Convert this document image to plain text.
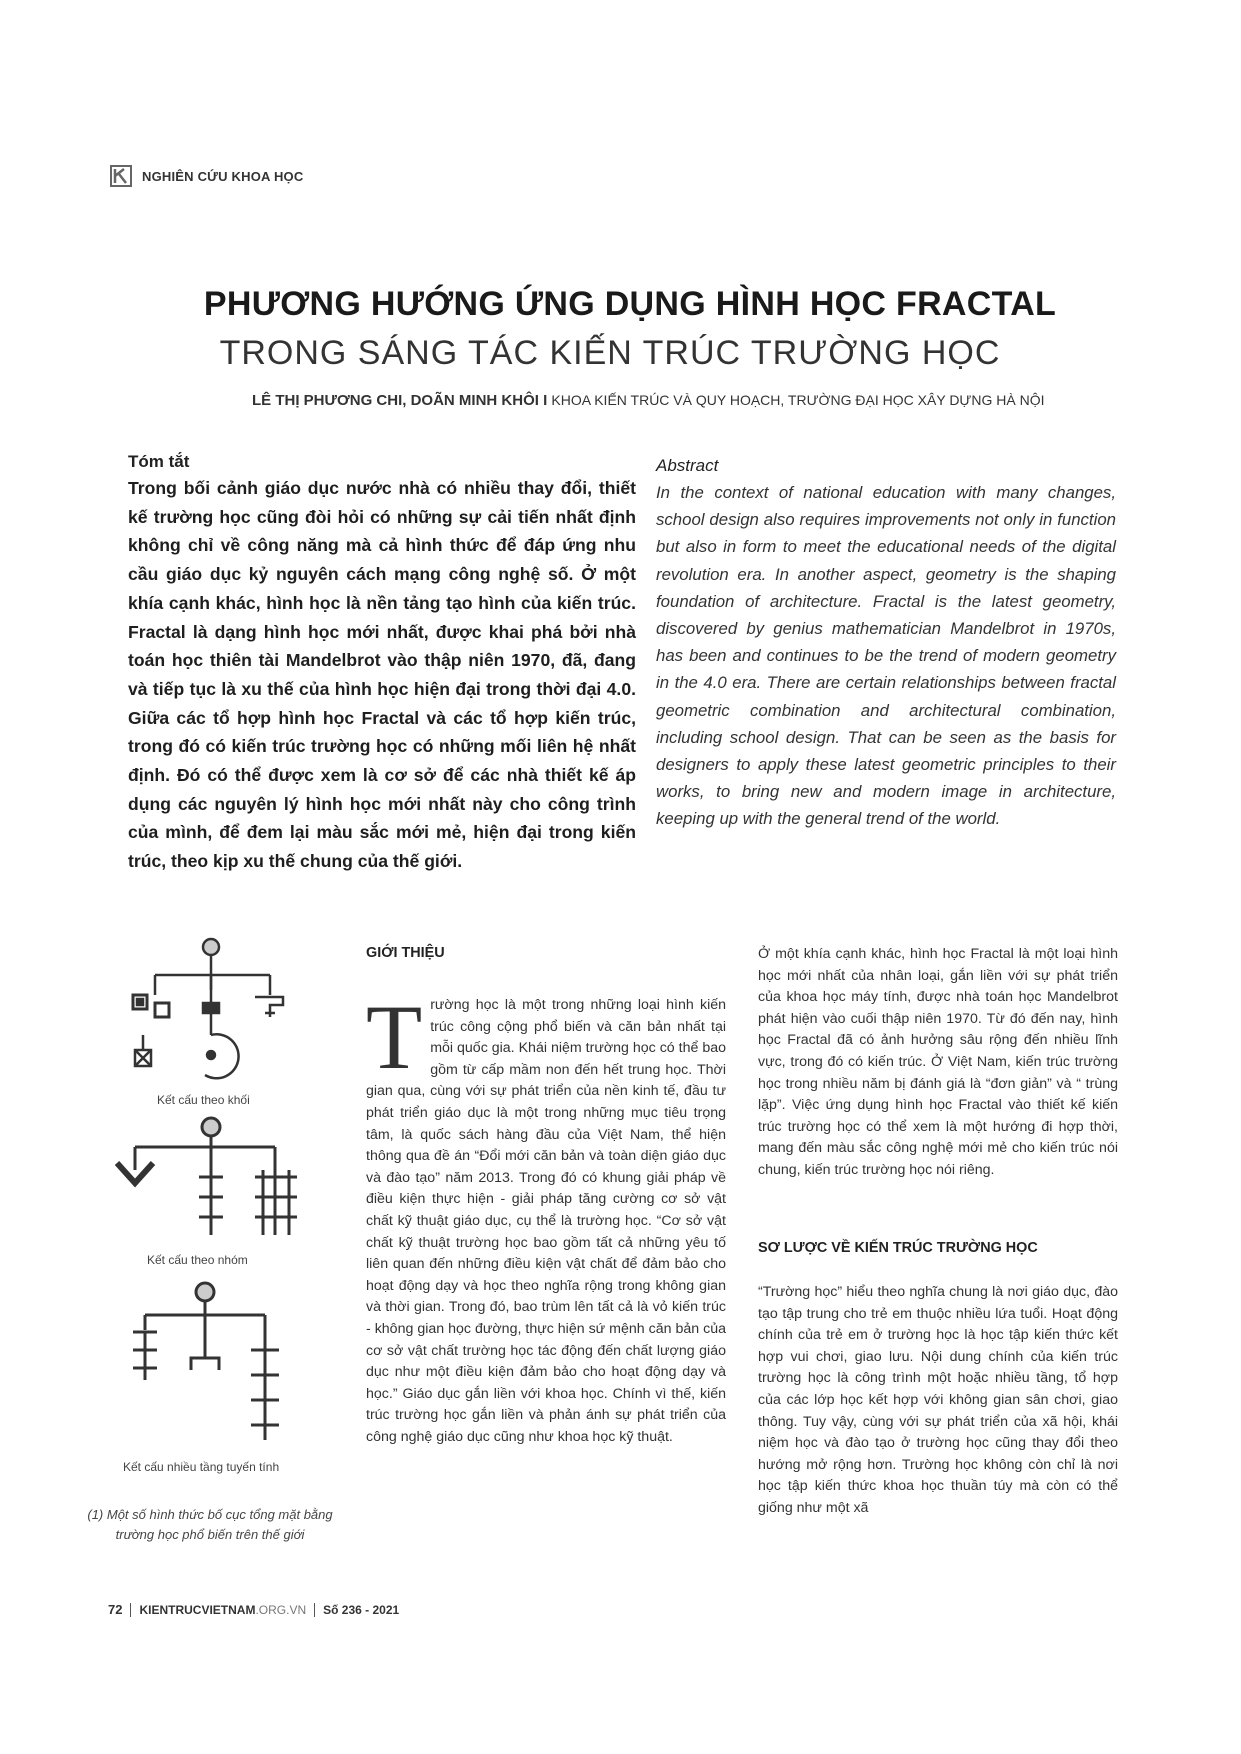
NGHIÊN CỨU KHOA HỌC
PHƯƠNG HƯỚNG ỨNG DỤNG HÌNH HỌC FRACTAL
TRONG SÁNG TÁC KIẾN TRÚC TRƯỜNG HỌC
LÊ THỊ PHƯƠNG CHI, DOÃN MINH KHÔI I KHOA KIẾN TRÚC VÀ QUY HOẠCH, TRƯỜNG ĐẠI HỌC XÂY DỰNG HÀ NỘI
Tóm tắt
Trong bối cảnh giáo dục nước nhà có nhiều thay đổi, thiết kế trường học cũng đòi hỏi có những sự cải tiến nhất định không chỉ về công năng mà cả hình thức để đáp ứng nhu cầu giáo dục kỷ nguyên cách mạng công nghệ số. Ở một khía cạnh khác, hình học là nền tảng tạo hình của kiến trúc. Fractal là dạng hình học mới nhất, được khai phá bởi nhà toán học thiên tài Mandelbrot vào thập niên 1970, đã, đang và tiếp tục là xu thế của hình học hiện đại trong thời đại 4.0. Giữa các tổ hợp hình học Fractal và các tổ hợp kiến trúc, trong đó có kiến trúc trường học có những mối liên hệ nhất định. Đó có thể được xem là cơ sở để các nhà thiết kế áp dụng các nguyên lý hình học mới nhất này cho công trình của mình, để đem lại màu sắc mới mẻ, hiện đại trong kiến trúc, theo kịp xu thế chung của thế giới.
Abstract
In the context of national education with many changes, school design also requires improvements not only in function but also in form to meet the educational needs of the digital revolution era. In another aspect, geometry is the shaping foundation of architecture. Fractal is the latest geometry, discovered by genius mathematician Mandelbrot in 1970s, has been and continues to be the trend of modern geometry in the 4.0 era. There are certain relationships between fractal geometric combination and architectural combination, including school design. That can be seen as the basis for designers to apply these latest geometric principles to their works, to bring new and modern image in architecture, keeping up with the general trend of the world.
Kết cấu theo khối
Kết cấu theo nhóm
Kết cấu nhiều tầng tuyến tính
(1) Một số hình thức bố cục tổng mặt bằng trường học phổ biến trên thế giới
GIỚI THIỆU
Trường học là một trong những loại hình kiến trúc công cộng phổ biến và căn bản nhất tại mỗi quốc gia. Khái niệm trường học có thể bao gồm từ cấp mầm non đến hết trung học. Thời gian qua, cùng với sự phát triển của nền kinh tế, đầu tư phát triển giáo dục là một trong những mục tiêu trọng tâm, là quốc sách hàng đầu của Việt Nam, thể hiện thông qua đề án “Đổi mới căn bản và toàn diện giáo dục và đào tạo” năm 2013. Trong đó có khung giải pháp về điều kiện thực hiện - giải pháp tăng cường cơ sở vật chất kỹ thuật giáo dục, cụ thể là trường học. “Cơ sở vật chất kỹ thuật trường học bao gồm tất cả những yêu tố liên quan đến những điều kiện vật chất để đảm bảo cho hoạt động dạy và học theo nghĩa rộng trong không gian và thời gian. Trong đó, bao trùm lên tất cả là vỏ kiến trúc - không gian học đường, thực hiện sứ mệnh căn bản của cơ sở vật chất trường học tác động đến chất lượng giáo dục như một điều kiện đảm bảo cho hoạt động dạy và học.” Giáo dục gắn liền với khoa học. Chính vì thế, kiến trúc trường học gắn liền và phản ánh sự phát triển của công nghệ giáo dục cũng như khoa học kỹ thuật.
Ở một khía cạnh khác, hình học Fractal là một loại hình học mới nhất của nhân loại, gắn liền với sự phát triển của khoa học máy tính, được nhà toán học Mandelbrot phát hiện vào cuối thập niên 1970. Từ đó đến nay, hình học Fractal đã có ảnh hưởng sâu rộng đến nhiều lĩnh vực, trong đó có kiến trúc. Ở Việt Nam, kiến trúc trường học trong nhiều năm bị đánh giá là “đơn giản” và “ trùng lặp”. Việc ứng dụng hình học Fractal vào thiết kế kiến trúc trường học có thể xem là một hướng đi hợp thời, mang đến màu sắc công nghệ mới mẻ cho kiến trúc nói chung, kiến trúc trường học nói riêng.
SƠ LƯỢC VỀ KIẾN TRÚC TRƯỜNG HỌC
“Trường học” hiểu theo nghĩa chung là nơi giáo dục, đào tạo tập trung cho trẻ em thuộc nhiều lứa tuổi. Hoạt động chính của trẻ em ở trường học là học tập kiến thức kết hợp vui chơi, giao lưu. Nội dung chính của kiến trúc trường học là công trình một hoặc nhiều tầng, tổ hợp của các lớp học kết hợp với không gian sân chơi, giao thông. Tuy vậy, cùng với sự phát triển của xã hội, khái niệm học và đào tạo ở trường học cũng thay đổi theo hướng mở rộng hơn. Trường học không còn chỉ là nơi học tập kiến thức khoa học thuần túy mà còn có thể giống như một xã
72 KIENTRUCVIETNAM.ORG.VN Số 236 - 2021
